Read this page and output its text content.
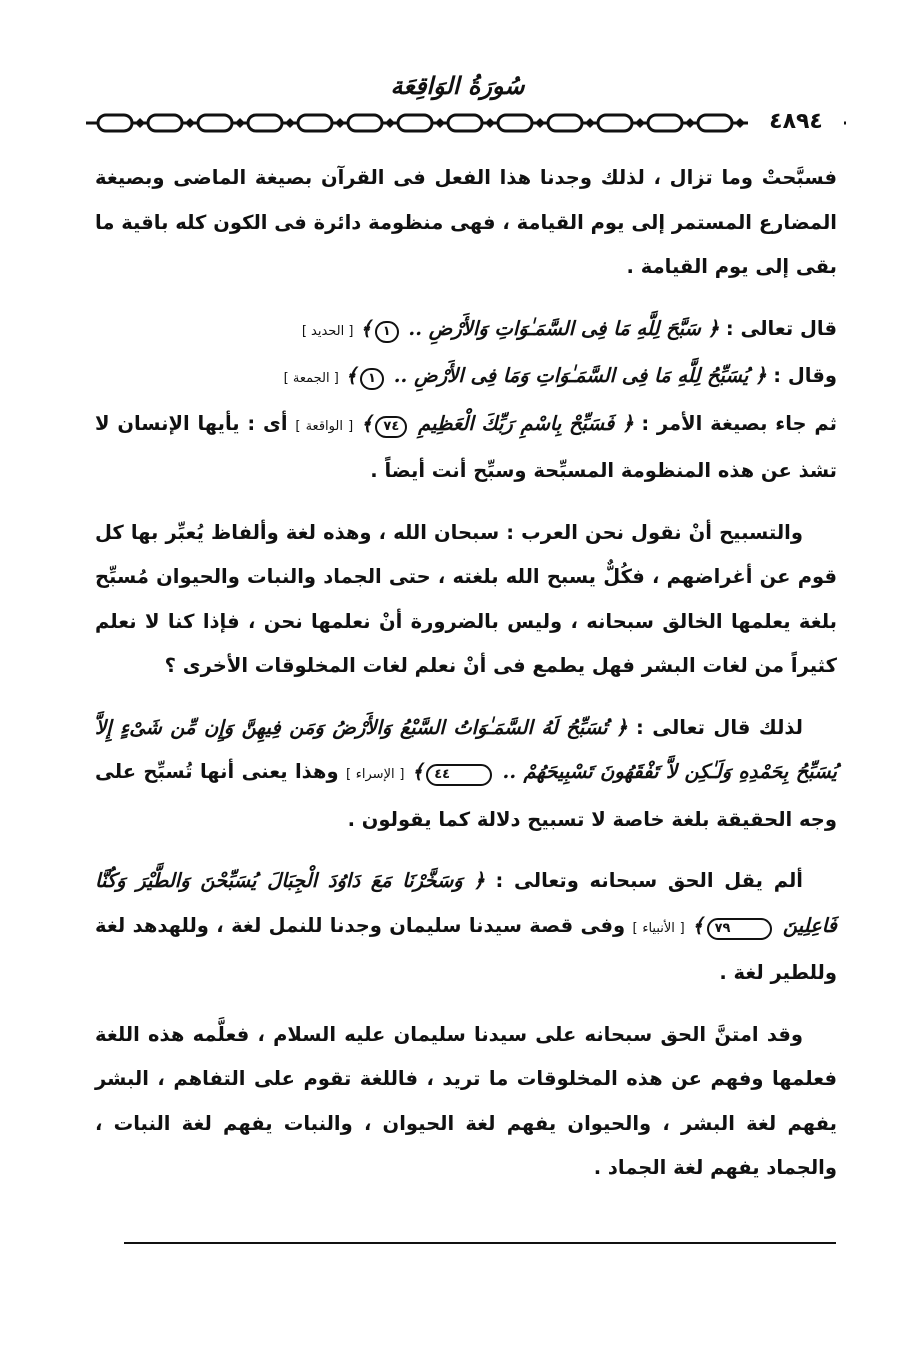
سُورَةُ الوَاقِعَة
٤٨٩٤

فسبَّحتْ وما تزال ، لذلك وجدنا هذا الفعل فى القرآن بصيغة الماضى وبصيغة المضارع المستمر إلى يوم القيامة ، فهى منظومة دائرة فى الكون كله باقية ما بقى إلى يوم القيامة .

قال تعالى : ﴿ سَبَّحَ لِلَّهِ مَا فِى السَّمَـٰوَاتِ وَالأَرْضِ .. ١﴾ [ الحديد ]
وقال : ﴿ يُسَبِّحُ لِلَّهِ مَا فِى السَّمَـٰوَاتِ وَمَا فِى الأَرْضِ .. ١﴾ [ الجمعة ]
ثم جاء بصيغة الأمر : ﴿ فَسَبِّحْ بِاسْمِ رَبِّكَ الْعَظِيمِ ٧٤﴾ [ الواقعة ] أى : يأيها الإنسان لا تشذ عن هذه المنظومة المسبِّحة وسبِّح أنت أيضاً .

والتسبيح أنْ نقول نحن العرب : سبحان الله ، وهذه لغة وألفاظ يُعبِّر بها كل قوم عن أغراضهم ، فكُلٌّ يسبح الله بلغته ، حتى الجماد والنبات والحيوان مُسبِّح بلغة يعلمها الخالق سبحانه ، وليس بالضرورة أنْ نعلمها نحن ، فإذا كنا لا نعلم كثيراً من لغات البشر فهل يطمع فى أنْ نعلم لغات المخلوقات الأخرى ؟

لذلك قال تعالى : ﴿ تُسَبِّحُ لَهُ السَّمَـٰوَاتُ السَّبْعُ وَالأَرْضُ وَمَن فِيهِنَّ وَإِن مِّن شَىْءٍ إِلاَّ يُسَبِّحُ بِحَمْدِهِ وَلَـٰكِن لاَّ تَفْقَهُونَ تَسْبِيحَهُمْ .. ٤٤﴾ [ الإسراء ] وهذا يعنى أنها تُسبِّح على وجه الحقيقة بلغة خاصة لا تسبيح دلالة كما يقولون .

ألم يقل الحق سبحانه وتعالى : ﴿ وَسَخَّرْنَا مَعَ دَاوُدَ الْجِبَالَ يُسَبِّحْنَ وَالطَّيْرَ وَكُنَّا فَاعِلِينَ ٧٩﴾ [ الأنبياء ] وفى قصة سيدنا سليمان وجدنا للنمل لغة ، وللهدهد لغة وللطير لغة .

وقد امتنَّ الحق سبحانه على سيدنا سليمان عليه السلام ، فعلَّمه هذه اللغة فعلمها وفهم عن هذه المخلوقات ما تريد ، فاللغة تقوم على التفاهم ، البشر يفهم لغة البشر ، والحيوان يفهم لغة الحيوان ، والنبات يفهم لغة النبات ، والجماد يفهم لغة الجماد .
